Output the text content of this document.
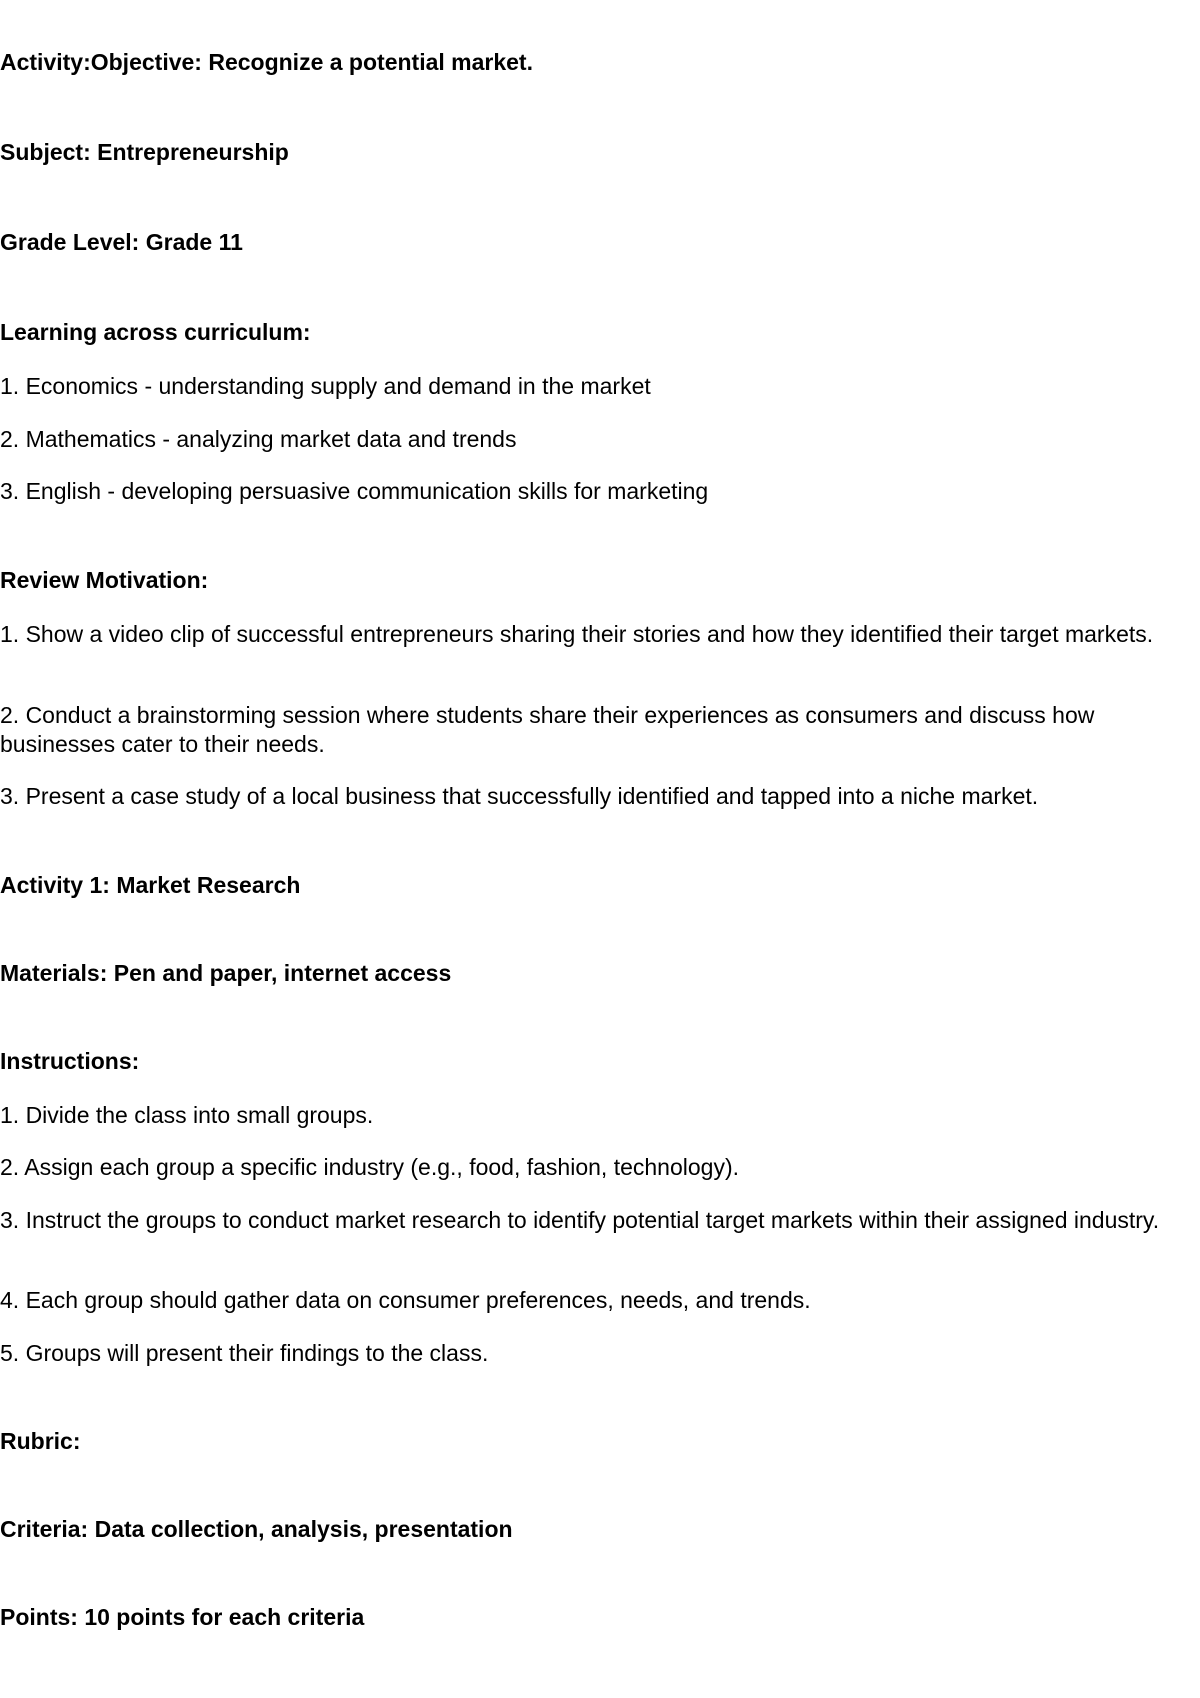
Activity:Objective: Recognize a potential market.
Subject: Entrepreneurship
Grade Level: Grade 11
Learning across curriculum:
1. Economics - understanding supply and demand in the market
2. Mathematics - analyzing market data and trends
3. English - developing persuasive communication skills for marketing
Review Motivation:
1. Show a video clip of successful entrepreneurs sharing their stories and how they identified their target markets.
2. Conduct a brainstorming session where students share their experiences as consumers and discuss how businesses cater to their needs.
3. Present a case study of a local business that successfully identified and tapped into a niche market.
Activity 1: Market Research
Materials: Pen and paper, internet access
Instructions:
1. Divide the class into small groups.
2. Assign each group a specific industry (e.g., food, fashion, technology).
3. Instruct the groups to conduct market research to identify potential target markets within their assigned industry.
4. Each group should gather data on consumer preferences, needs, and trends.
5. Groups will present their findings to the class.
Rubric:
Criteria: Data collection, analysis, presentation
Points: 10 points for each criteria
